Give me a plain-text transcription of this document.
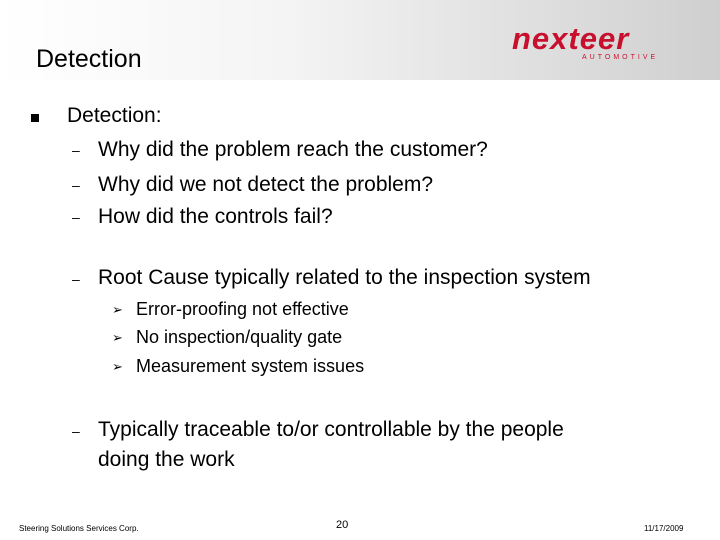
Detection
nexteer
AUTOMOTIVE
Detection:
– Why did the problem reach the customer?
– Why did we not detect the problem?
– How did the controls fail?
– Root Cause typically related to the inspection system
➢ Error-proofing not effective
➢ No inspection/quality gate
➢ Measurement system issues
– Typically traceable to/or controllable by the people
doing the work
Steering Solutions Services Corp.	20	11/17/2009
